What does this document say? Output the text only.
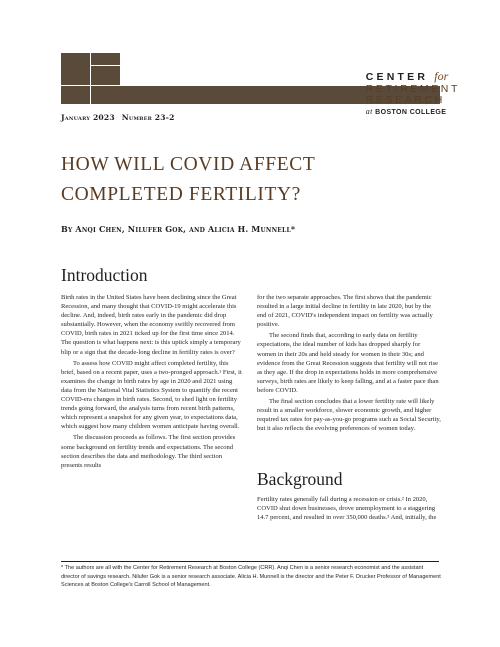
CENTER for
RETIREMENT
RESEARCH
at BOSTON COLLEGE
January 2023 Number 23-2
HOW WILL COVID AFFECT COMPLETED FERTILITY?
By Anqi Chen, Nilufer Gok, and Alicia H. Munnell*
Introduction

Birth rates in the United States have been declining since the Great Recession, and many thought that COVID-19 might accelerate this decline. And, indeed, birth rates early in the pandemic did drop substantially. However, when the economy swiftly recovered from COVID, birth rates in 2021 ticked up for the first time since 2014. The question is what happens next: is this uptick simply a temporary blip or a sign that the decade-long decline in fertility rates is over?

To assess how COVID might affect completed fertility, this brief, based on a recent paper, uses a two-pronged approach.¹ First, it examines the change in birth rates by age in 2020 and 2021 using data from the National Vital Statistics System to quantify the recent COVID-era changes in birth rates. Second, to shed light on fertility trends going forward, the analysis turns from recent birth patterns, which represent a snapshot for any given year, to expectations data, which suggest how many children women anticipate having overall.

The discussion proceeds as follows. The first section provides some background on fertility trends and expectations. The second section describes the data and methodology. The third section presents results

for the two separate approaches. The first shows that the pandemic resulted in a large initial decline in fertility in late 2020, but by the end of 2021, COVID's independent impact on fertility was actually positive.

The second finds that, according to early data on fertility expectations, the ideal number of kids has dropped sharply for women in their 20s and held steady for women in their 30s; and evidence from the Great Recession suggests that fertility will not rise as they age. If the drop in expectations holds in more comprehensive surveys, birth rates are likely to keep falling, and at a faster pace than before COVID.

The final section concludes that a lower fertility rate will likely result in a smaller workforce, slower economic growth, and higher required tax rates for pay-as-you-go programs such as Social Security, but it also reflects the evolving preferences of women today.

Background

Fertility rates generally fall during a recession or crisis.² In 2020, COVID shut down businesses, drove unemployment to a staggering 14.7 percent, and resulted in over 350,000 deaths.³ And, initially, the

* The authors are all with the Center for Retirement Research at Boston College (CRR). Anqi Chen is a senior research economist and the assistant director of savings research. Nilufer Gok is a senior research associate. Alicia H. Munnell is the director and the Peter F. Drucker Professor of Management Sciences at Boston College's Carroll School of Management.
